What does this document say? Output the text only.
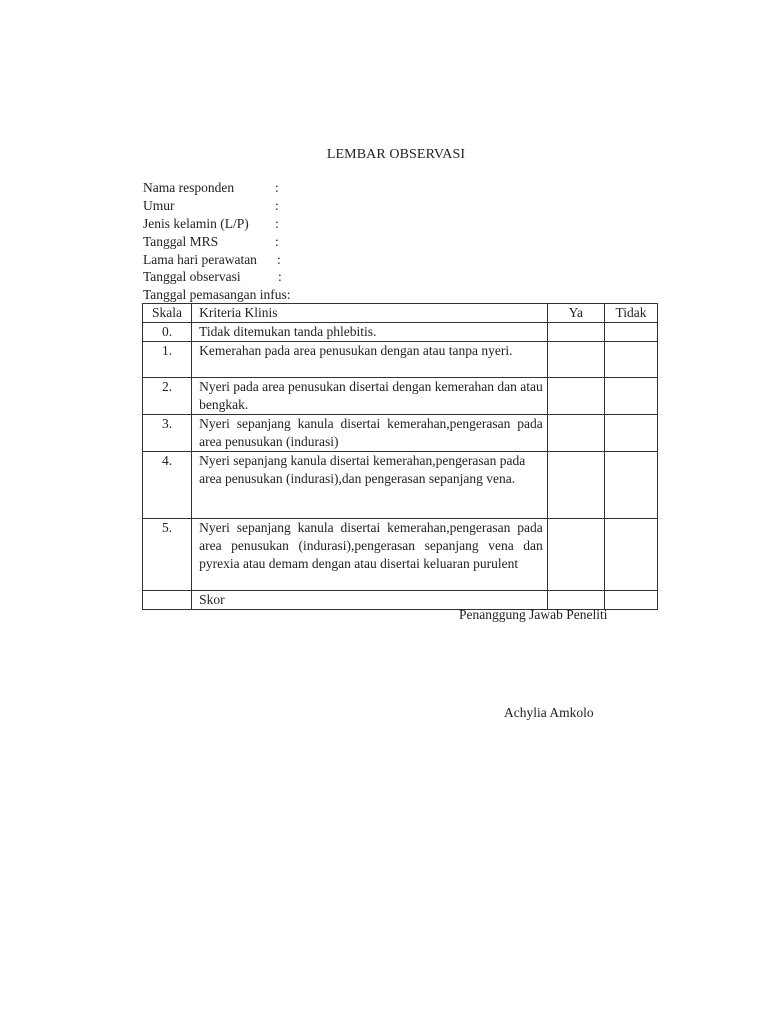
LEMBAR OBSERVASI
Nama responden	:
Umur	:
Jenis kelamin (L/P) :
Tanggal MRS	:
Lama hari perawatan :
Tanggal observasi	:
Tanggal pemasangan infus:
Skala	Kriteria Klinis	Ya	Tidak
0.	Tidak ditemukan tanda phlebitis.		

1.	Kemerahan pada area penusukan dengan atau tanpa nyeri.		

2.	Nyeri pada area penusukan disertai dengan kemerahan dan atau bengkak.		

3.	Nyeri sepanjang kanula disertai kemerahan,pengerasan pada area penusukan (indurasi)		

4.	Nyeri sepanjang kanula disertai kemerahan,pengerasan pada area penusukan (indurasi),dan pengerasan sepanjang vena.		

5.	Nyeri sepanjang kanula disertai kemerahan,pengerasan pada area penusukan (indurasi),pengerasan sepanjang vena dan pyrexia atau demam dengan atau disertai keluaran purulent		

	Skor		

Penanggung Jawab Peneliti
Achylia Amkolo
